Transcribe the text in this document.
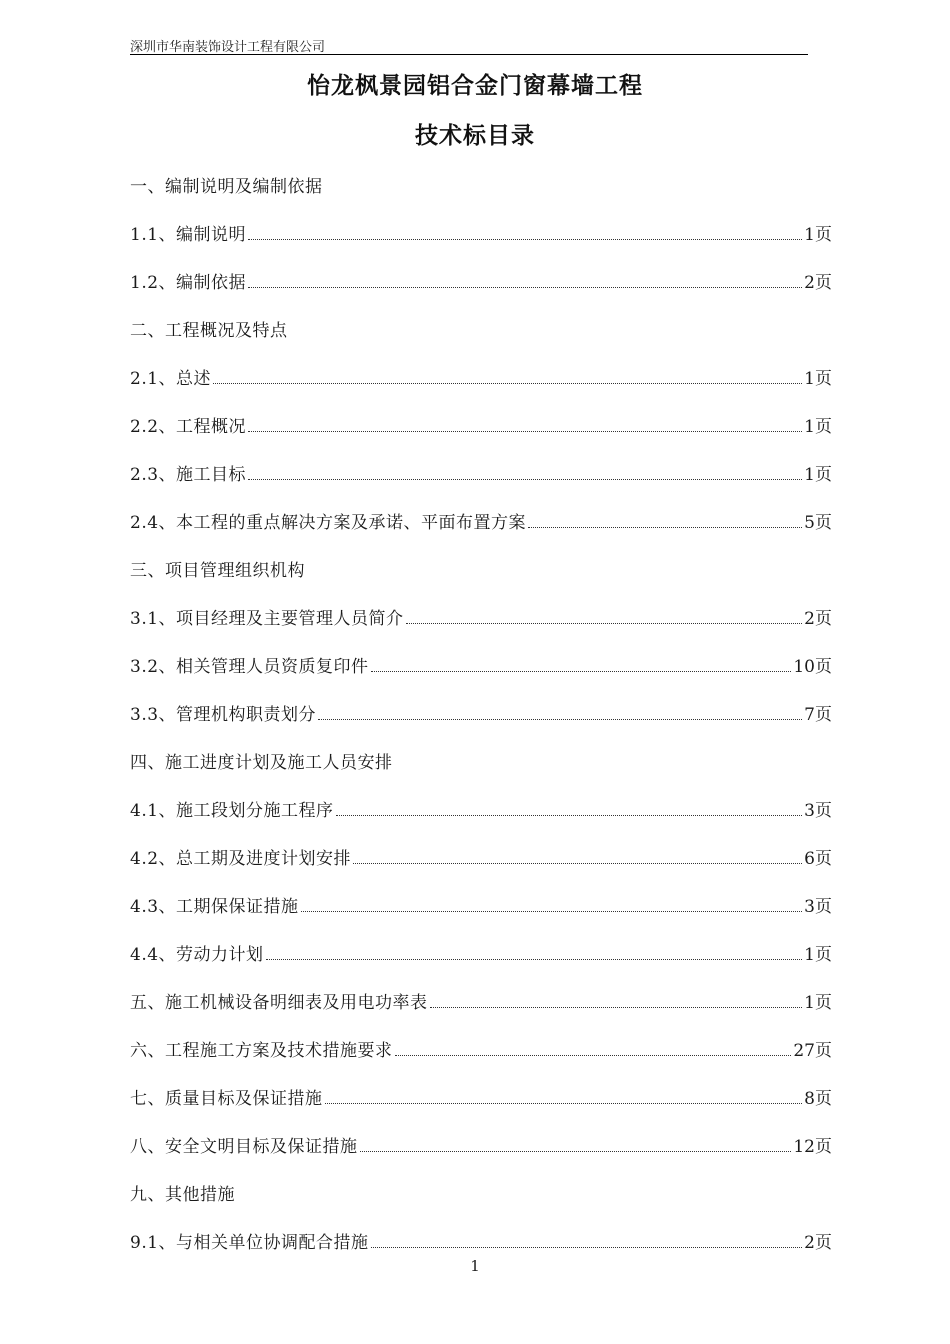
深圳市华南装饰设计工程有限公司
怡龙枫景园铝合金门窗幕墙工程
技术标目录
一、编制说明及编制依据
1.1、编制说明	1页
1.2、编制依据	2页
二、工程概况及特点
2.1、总述	1页
2.2、工程概况	1页
2.3、施工目标	1页
2.4、本工程的重点解决方案及承诺、平面布置方案	5页
三、项目管理组织机构
3.1、项目经理及主要管理人员简介	2页
3.2、相关管理人员资质复印件	10页
3.3、管理机构职责划分	7页
四、施工进度计划及施工人员安排
4.1、施工段划分施工程序	3页
4.2、总工期及进度计划安排	6页
4.3、工期保保证措施	3页
4.4、劳动力计划	1页
五、施工机械设备明细表及用电功率表	1页
六、工程施工方案及技术措施要求	27页
七、质量目标及保证措施	8页
八、安全文明目标及保证措施	12页
九、其他措施
9.1、与相关单位协调配合措施	2页
1
